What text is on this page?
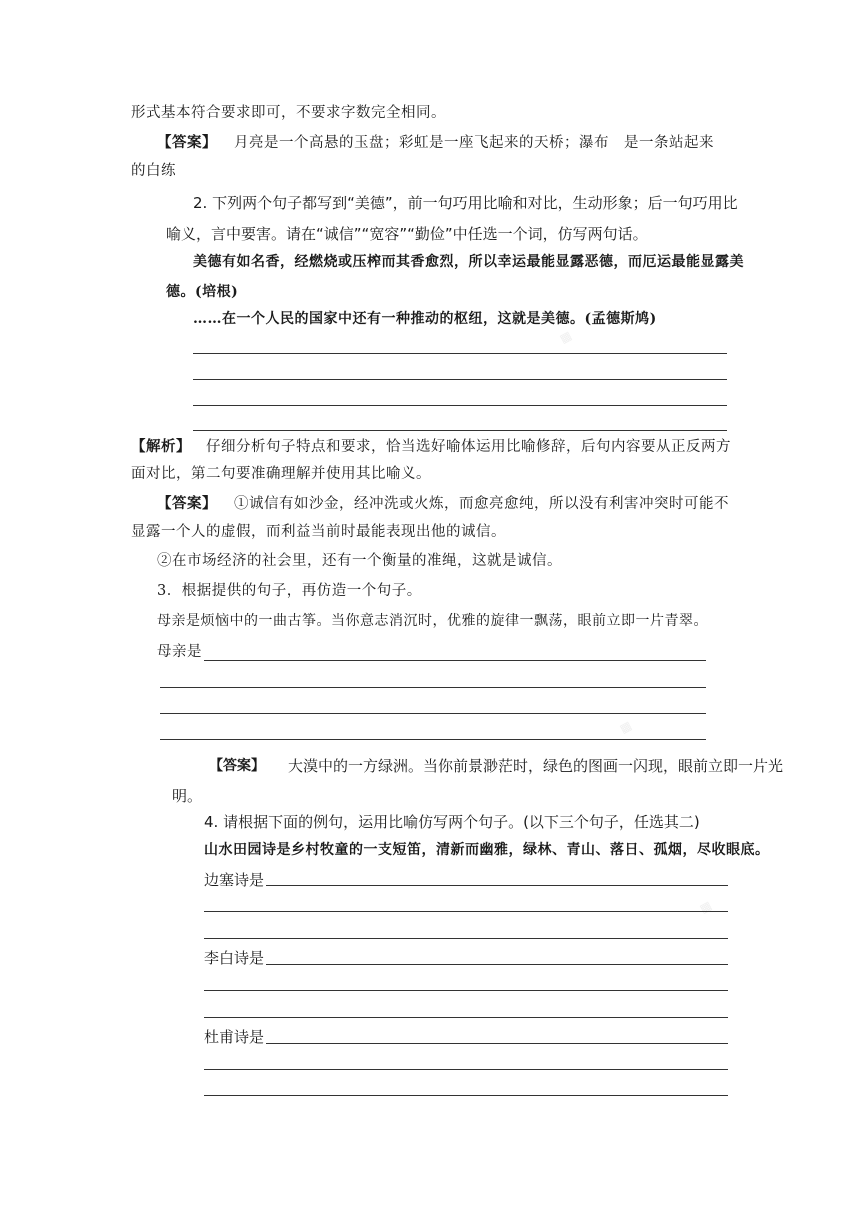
▦
▦
▦
形式基本符合要求即可，不要求字数完全相同。
【答案】 月亮是一个高悬的玉盘；彩虹是一座飞起来的天桥；瀑布　是一条站起来
的白练
2. 下列两个句子都写到“美德”，前一句巧用比喻和对比，生动形象；后一句巧用比
喻义，言中要害。请在“诚信”“宽容”“勤俭”中任选一个词，仿写两句话。
美德有如名香，经燃烧或压榨而其香愈烈，所以幸运最能显露恶德，而厄运最能显露美
德。(培根)
……在一个人民的国家中还有一种推动的枢纽，这就是美德。(孟德斯鸠)
【解析】 仔细分析句子特点和要求，恰当选好喻体运用比喻修辞，后句内容要从正反两方
面对比，第二句要准确理解并使用其比喻义。
【答案】 ①诚信有如沙金，经冲洗或火炼，而愈亮愈纯，所以没有利害冲突时可能不
显露一个人的虚假，而利益当前时最能表现出他的诚信。
②在市场经济的社会里，还有一个衡量的准绳，这就是诚信。
3．根据提供的句子，再仿造一个句子。
母亲是烦恼中的一曲古筝。当你意志消沉时，优雅的旋律一飘荡，眼前立即一片青翠。
母亲是
【答案】 大漠中的一方绿洲。当你前景渺茫时，绿色的图画一闪现，眼前立即一片光
明。
4. 请根据下面的例句，运用比喻仿写两个句子。(以下三个句子，任选其二)
山水田园诗是乡村牧童的一支短笛，清新而幽雅，绿林、青山、落日、孤烟，尽收眼底。
边塞诗是
李白诗是
杜甫诗是
